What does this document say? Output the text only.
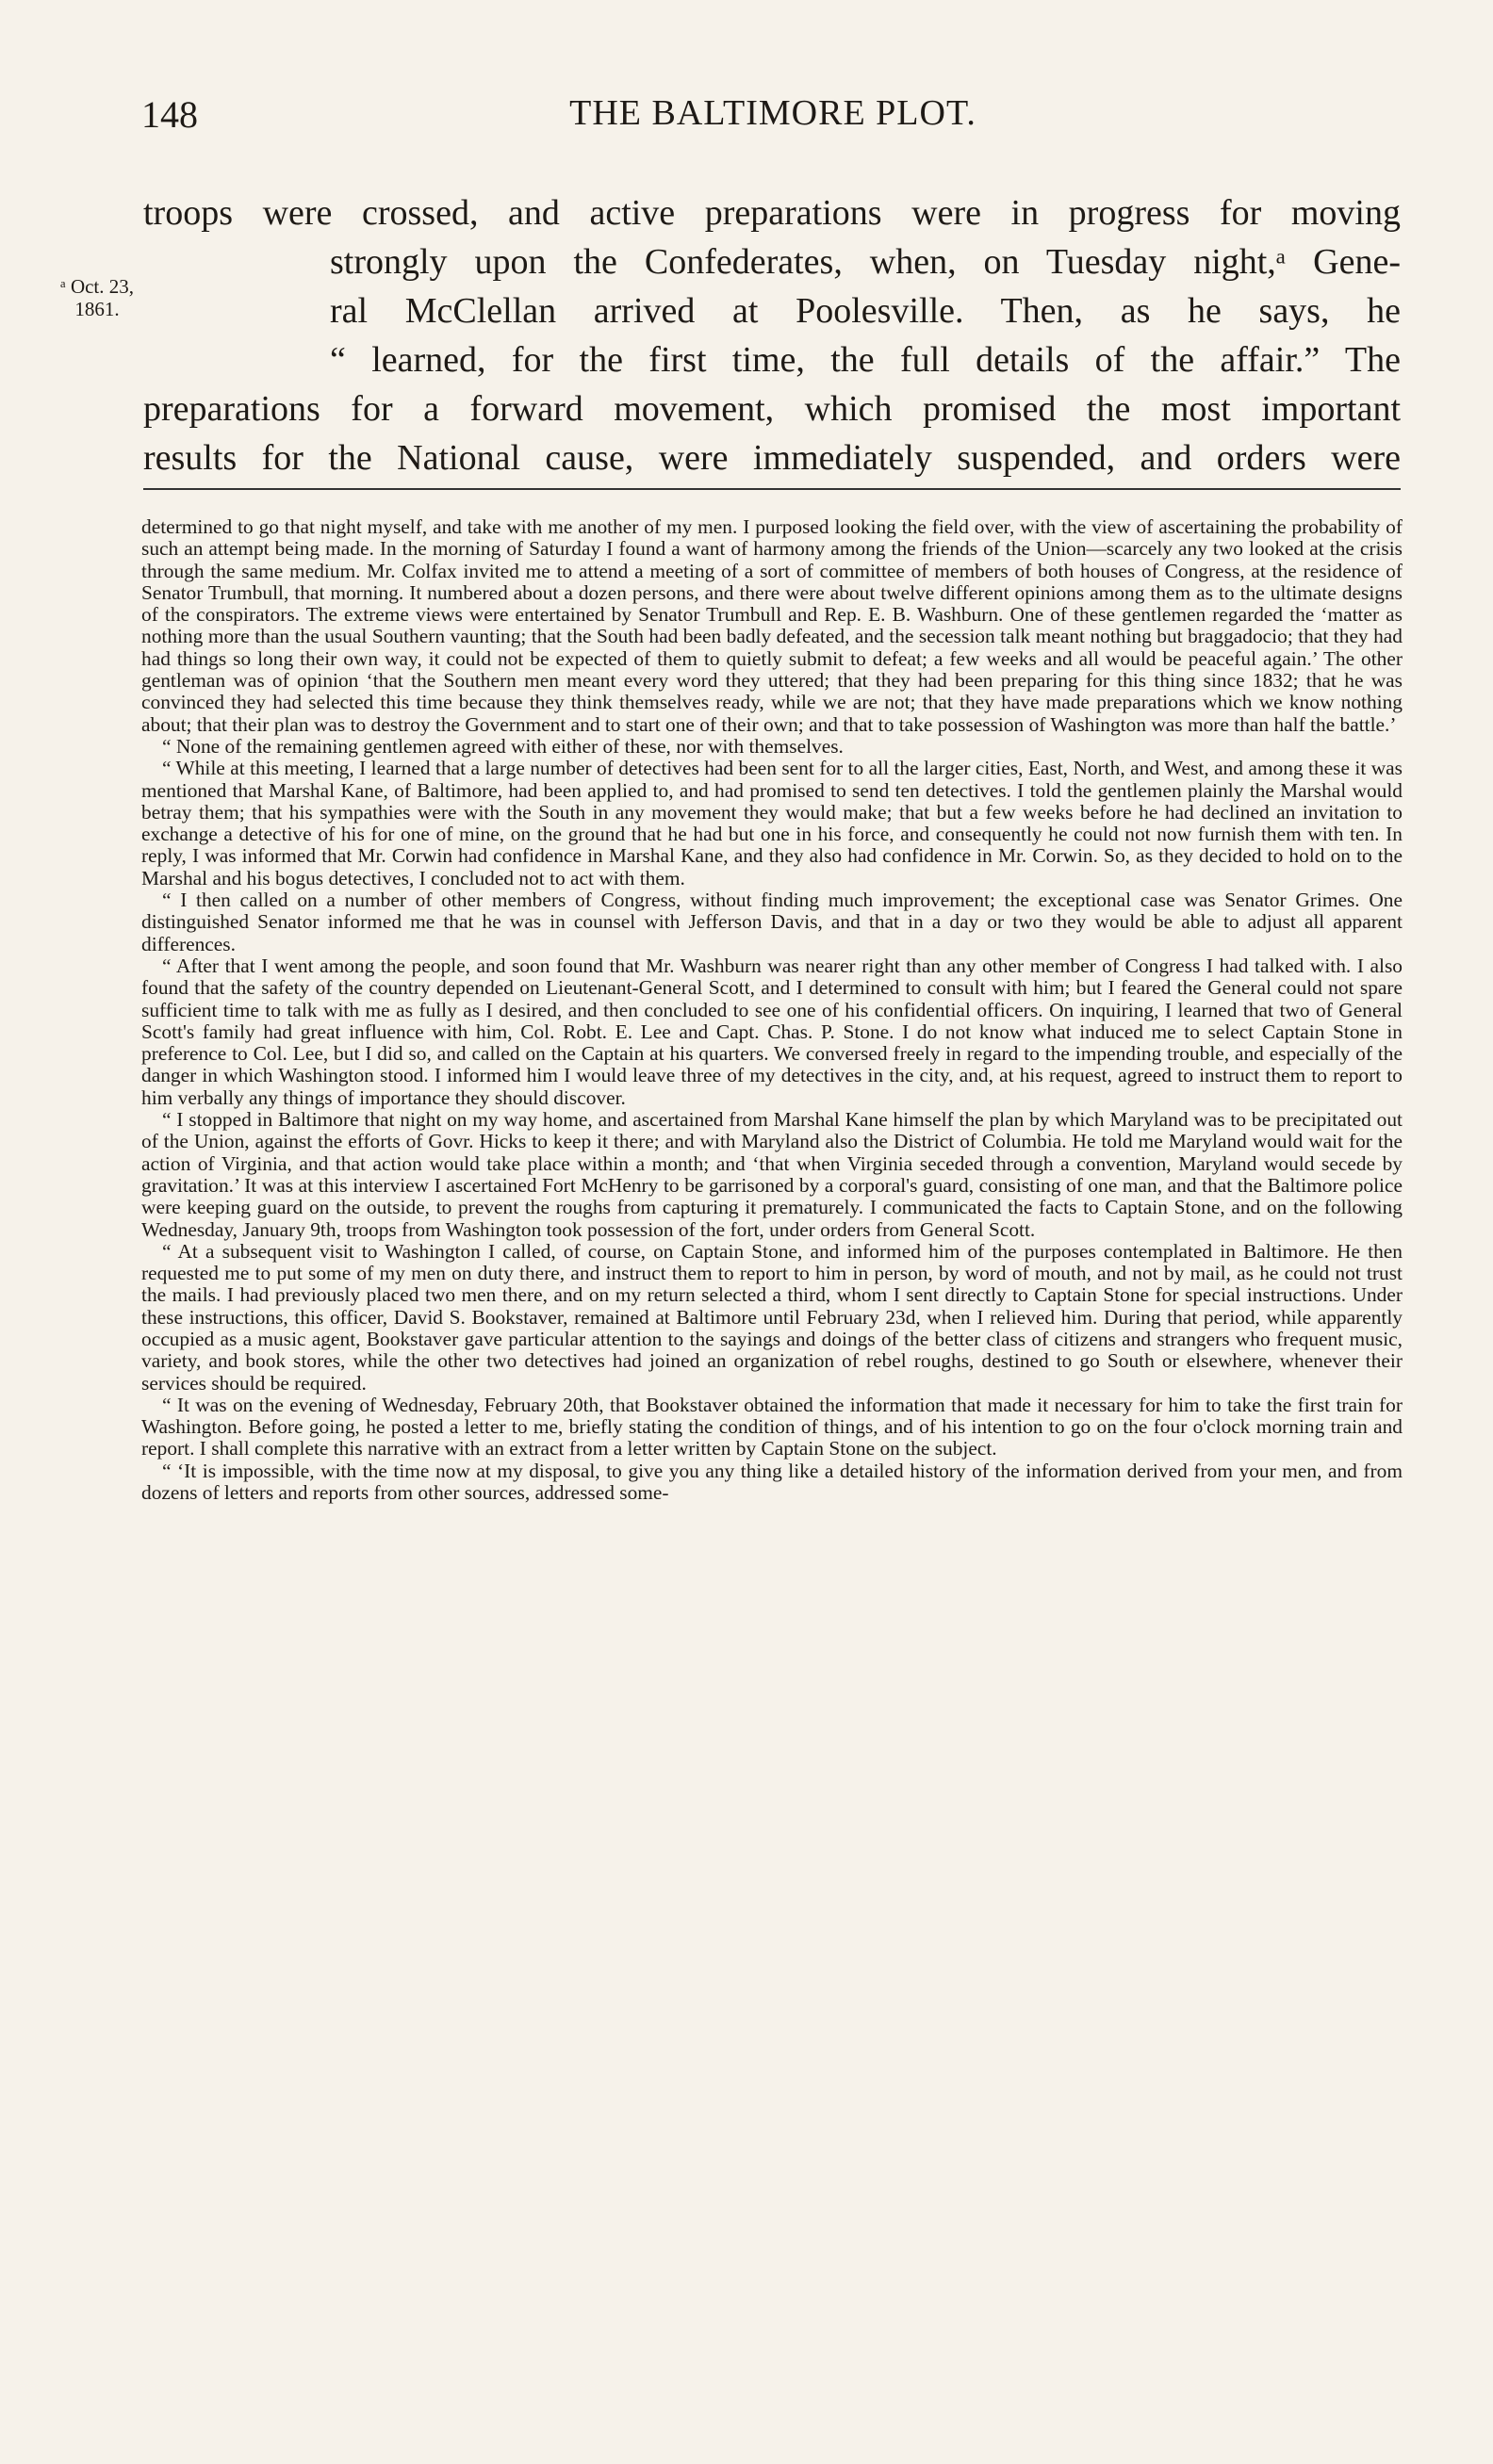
148	THE BALTIMORE PLOT.
ᵃ Oct. 23,
1861.
troops were crossed, and active preparations were in progress for moving
strongly upon the Confederates, when, on Tuesday night,ᵃ Gene-
ral McClellan arrived at Poolesville. Then, as he says, he
“ learned, for the first time, the full details of the affair.” The
preparations for a forward movement, which promised the most important
results for the National cause, were immediately suspended, and orders were

determined to go that night myself, and take with me another of my men. I purposed looking the field over, with the view of ascertaining the probability of such an attempt being made. In the morning of Saturday I found a want of harmony among the friends of the Union—scarcely any two looked at the crisis through the same medium. Mr. Colfax invited me to attend a meeting of a sort of committee of members of both houses of Congress, at the residence of Senator Trumbull, that morning. It numbered about a dozen persons, and there were about twelve different opinions among them as to the ultimate designs of the conspirators. The extreme views were entertained by Senator Trumbull and Rep. E. B. Washburn. One of these gentlemen regarded the ‘matter as nothing more than the usual Southern vaunting; that the South had been badly defeated, and the secession talk meant nothing but braggadocio; that they had had things so long their own way, it could not be expected of them to quietly submit to defeat; a few weeks and all would be peaceful again.’ The other gentleman was of opinion ‘that the Southern men meant every word they uttered; that they had been preparing for this thing since 1832; that he was convinced they had selected this time because they think themselves ready, while we are not; that they have made preparations which we know nothing about; that their plan was to destroy the Government and to start one of their own; and that to take possession of Washington was more than half the battle.’

“ None of the remaining gentlemen agreed with either of these, nor with themselves.

“ While at this meeting, I learned that a large number of detectives had been sent for to all the larger cities, East, North, and West, and among these it was mentioned that Marshal Kane, of Baltimore, had been applied to, and had promised to send ten detectives. I told the gentlemen plainly the Marshal would betray them; that his sympathies were with the South in any movement they would make; that but a few weeks before he had declined an invitation to exchange a detective of his for one of mine, on the ground that he had but one in his force, and consequently he could not now furnish them with ten. In reply, I was informed that Mr. Corwin had confidence in Marshal Kane, and they also had confidence in Mr. Corwin. So, as they decided to hold on to the Marshal and his bogus detectives, I concluded not to act with them.

“ I then called on a number of other members of Congress, without finding much improvement; the exceptional case was Senator Grimes. One distinguished Senator informed me that he was in counsel with Jefferson Davis, and that in a day or two they would be able to adjust all apparent differences.

“ After that I went among the people, and soon found that Mr. Washburn was nearer right than any other member of Congress I had talked with. I also found that the safety of the country depended on Lieutenant-General Scott, and I determined to consult with him; but I feared the General could not spare sufficient time to talk with me as fully as I desired, and then concluded to see one of his confidential officers. On inquiring, I learned that two of General Scott's family had great influence with him, Col. Robt. E. Lee and Capt. Chas. P. Stone. I do not know what induced me to select Captain Stone in preference to Col. Lee, but I did so, and called on the Captain at his quarters. We conversed freely in regard to the impending trouble, and especially of the danger in which Washington stood. I informed him I would leave three of my detectives in the city, and, at his request, agreed to instruct them to report to him verbally any things of importance they should discover.

“ I stopped in Baltimore that night on my way home, and ascertained from Marshal Kane himself the plan by which Maryland was to be precipitated out of the Union, against the efforts of Govr. Hicks to keep it there; and with Maryland also the District of Columbia. He told me Maryland would wait for the action of Virginia, and that action would take place within a month; and ‘that when Virginia seceded through a convention, Maryland would secede by gravitation.’ It was at this interview I ascertained Fort McHenry to be garrisoned by a corporal's guard, consisting of one man, and that the Baltimore police were keeping guard on the outside, to prevent the roughs from capturing it prematurely. I communicated the facts to Captain Stone, and on the following Wednesday, January 9th, troops from Washington took possession of the fort, under orders from General Scott.

“ At a subsequent visit to Washington I called, of course, on Captain Stone, and informed him of the purposes contemplated in Baltimore. He then requested me to put some of my men on duty there, and instruct them to report to him in person, by word of mouth, and not by mail, as he could not trust the mails. I had previously placed two men there, and on my return selected a third, whom I sent directly to Captain Stone for special instructions. Under these instructions, this officer, David S. Bookstaver, remained at Baltimore until February 23d, when I relieved him. During that period, while apparently occupied as a music agent, Bookstaver gave particular attention to the sayings and doings of the better class of citizens and strangers who frequent music, variety, and book stores, while the other two detectives had joined an organization of rebel roughs, destined to go South or elsewhere, whenever their services should be required.

“ It was on the evening of Wednesday, February 20th, that Bookstaver obtained the information that made it necessary for him to take the first train for Washington. Before going, he posted a letter to me, briefly stating the condition of things, and of his intention to go on the four o'clock morning train and report. I shall complete this narrative with an extract from a letter written by Captain Stone on the subject.

“ ‘It is impossible, with the time now at my disposal, to give you any thing like a detailed history of the information derived from your men, and from dozens of letters and reports from other sources, addressed some-
